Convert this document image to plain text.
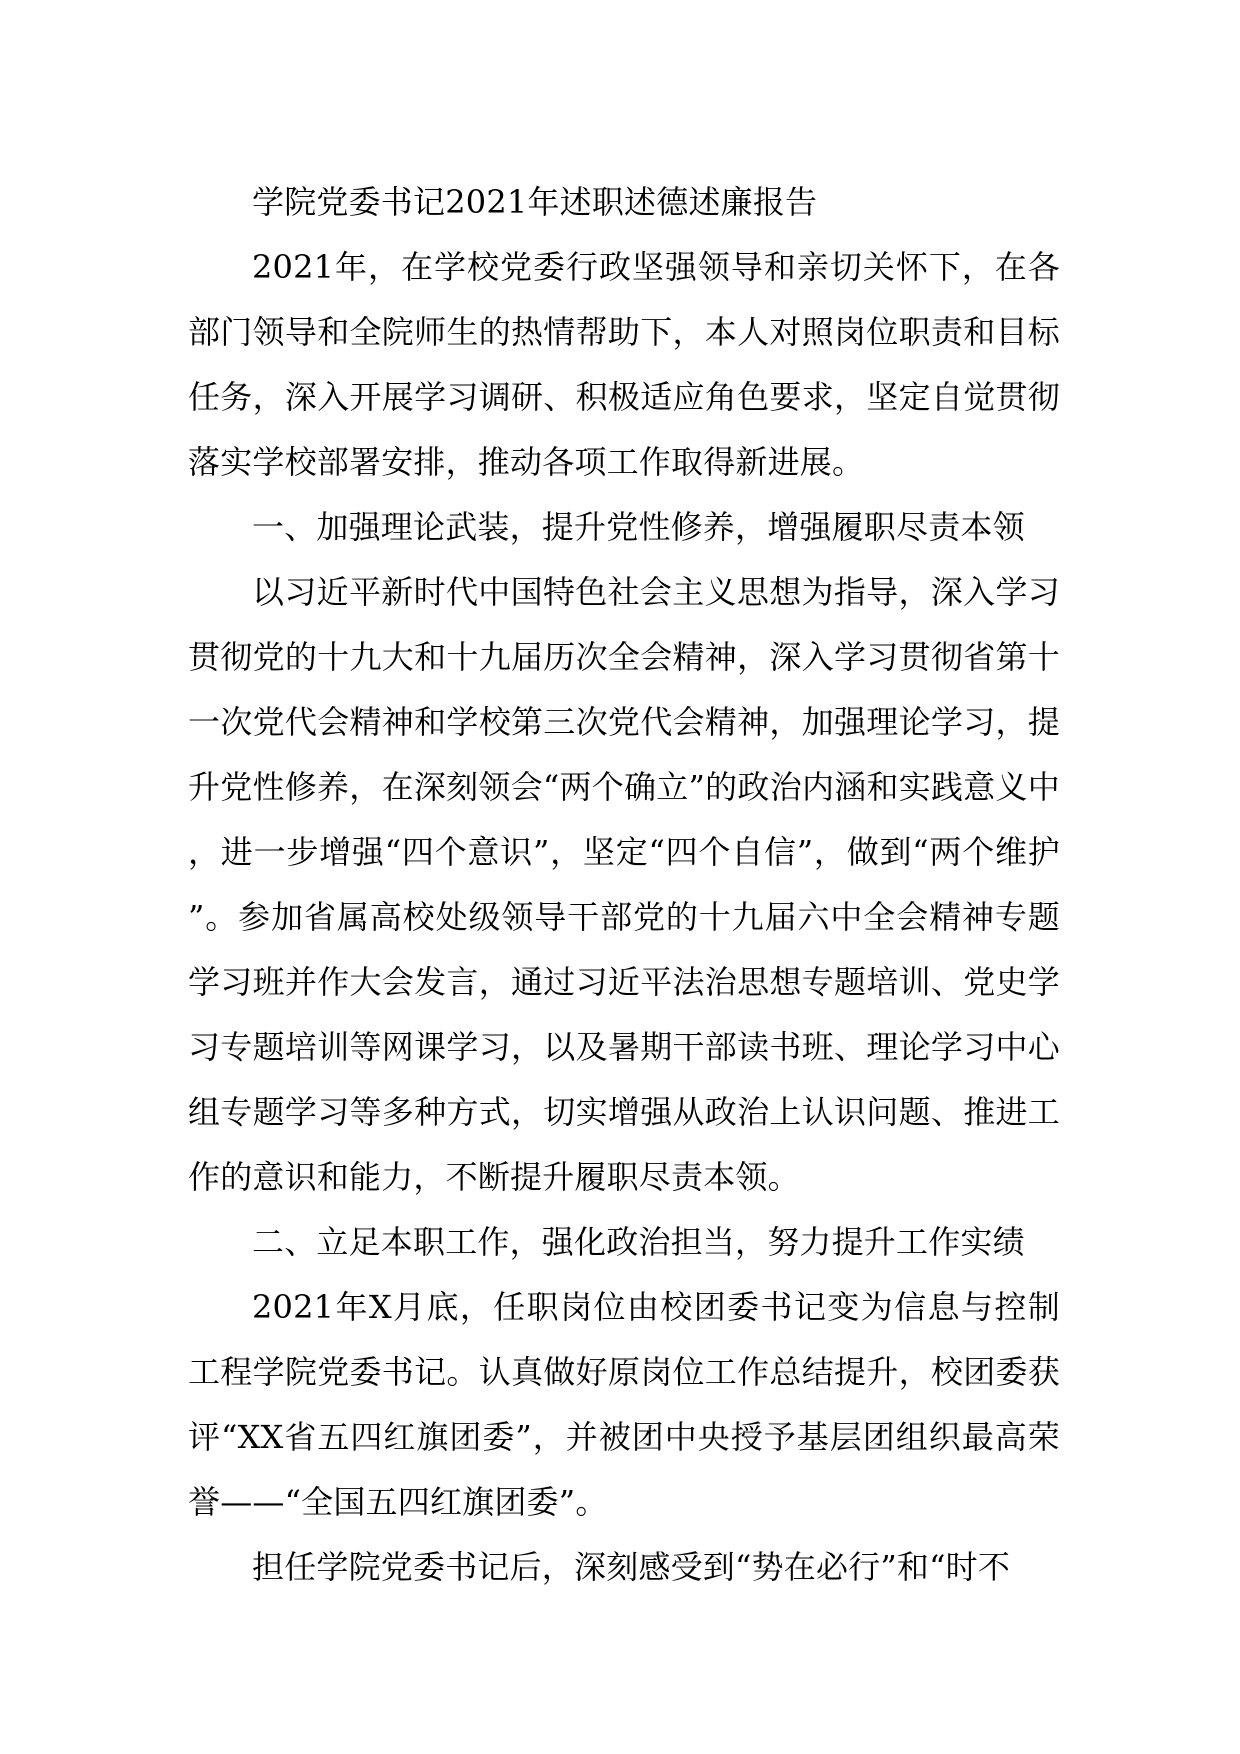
学院党委书记2021年述职述德述廉报告

2021年，在学校党委行政坚强领导和亲切关怀下，在各部门领导和全院师生的热情帮助下，本人对照岗位职责和目标任务，深入开展学习调研、积极适应角色要求，坚定自觉贯彻落实学校部署安排，推动各项工作取得新进展。

一、加强理论武装，提升党性修养，增强履职尽责本领

以习近平新时代中国特色社会主义思想为指导，深入学习贯彻党的十九大和十九届历次全会精神，深入学习贯彻省第十一次党代会精神和学校第三次党代会精神，加强理论学习，提升党性修养，在深刻领会“两个确立”的政治内涵和实践意义中，进一步增强“四个意识”，坚定“四个自信”，做到“两个维护”。参加省属高校处级领导干部党的十九届六中全会精神专题学习班并作大会发言，通过习近平法治思想专题培训、党史学习专题培训等网课学习，以及暑期干部读书班、理论学习中心组专题学习等多种方式，切实增强从政治上认识问题、推进工作的意识和能力，不断提升履职尽责本领。

二、立足本职工作，强化政治担当，努力提升工作实绩

2021年X月底，任职岗位由校团委书记变为信息与控制工程学院党委书记。认真做好原岗位工作总结提升，校团委获评“XX省五四红旗团委”，并被团中央授予基层团组织最高荣誉——“全国五四红旗团委”。

担任学院党委书记后，深刻感受到“势在必行”和“时不
